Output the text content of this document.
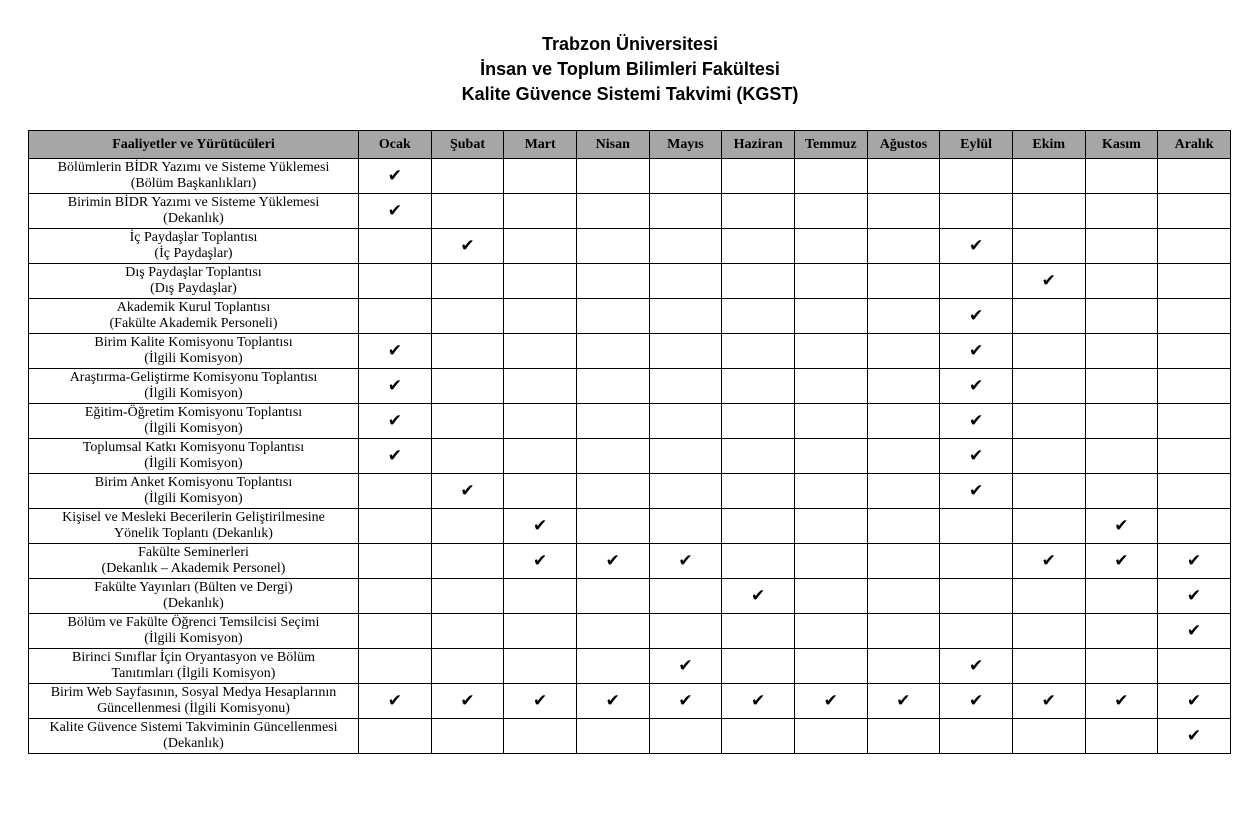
Trabzon Üniversitesi
İnsan ve Toplum Bilimleri Fakültesi
Kalite Güvence Sistemi Takvimi (KGST)
Faaliyetler ve Yürütücüleri	Ocak	Şubat	Mart	Nisan	Mayıs	Haziran	Temmuz	Ağustos	Eylül	Ekim	Kasım	Aralık

Bölümlerin BİDR Yazımı ve Sisteme Yüklemesi
(Bölüm Başkanlıkları)	✔											

Birimin BİDR Yazımı ve Sisteme Yüklemesi
(Dekanlık)	✔											

İç Paydaşlar Toplantısı
(İç Paydaşlar)		✔							✔			

Dış Paydaşlar Toplantısı
(Dış Paydaşlar)										✔		

Akademik Kurul Toplantısı
(Fakülte Akademik Personeli)									✔			

Birim Kalite Komisyonu Toplantısı
(İlgili Komisyon)	✔								✔			

Araştırma-Geliştirme Komisyonu Toplantısı
(İlgili Komisyon)	✔								✔			

Eğitim-Öğretim Komisyonu Toplantısı
(İlgili Komisyon)	✔								✔			

Toplumsal Katkı Komisyonu Toplantısı
(İlgili Komisyon)	✔								✔			

Birim Anket Komisyonu Toplantısı
(İlgili Komisyon)		✔							✔			

Kişisel ve Mesleki Becerilerin Geliştirilmesine
Yönelik Toplantı (Dekanlık)			✔								✔	

Fakülte Seminerleri
(Dekanlık – Akademik Personel)			✔	✔	✔					✔	✔	✔

Fakülte Yayınları (Bülten ve Dergi)
(Dekanlık)						✔						✔

Bölüm ve Fakülte Öğrenci Temsilcisi Seçimi
(İlgili Komisyon)												✔

Birinci Sınıflar İçin Oryantasyon ve Bölüm
Tanıtımları (İlgili Komisyon)					✔				✔			

Birim Web Sayfasının, Sosyal Medya Hesaplarının
Güncellenmesi (İlgili Komisyonu)	✔	✔	✔	✔	✔	✔	✔	✔	✔	✔	✔	✔

Kalite Güvence Sistemi Takviminin Güncellenmesi
(Dekanlık)												✔
